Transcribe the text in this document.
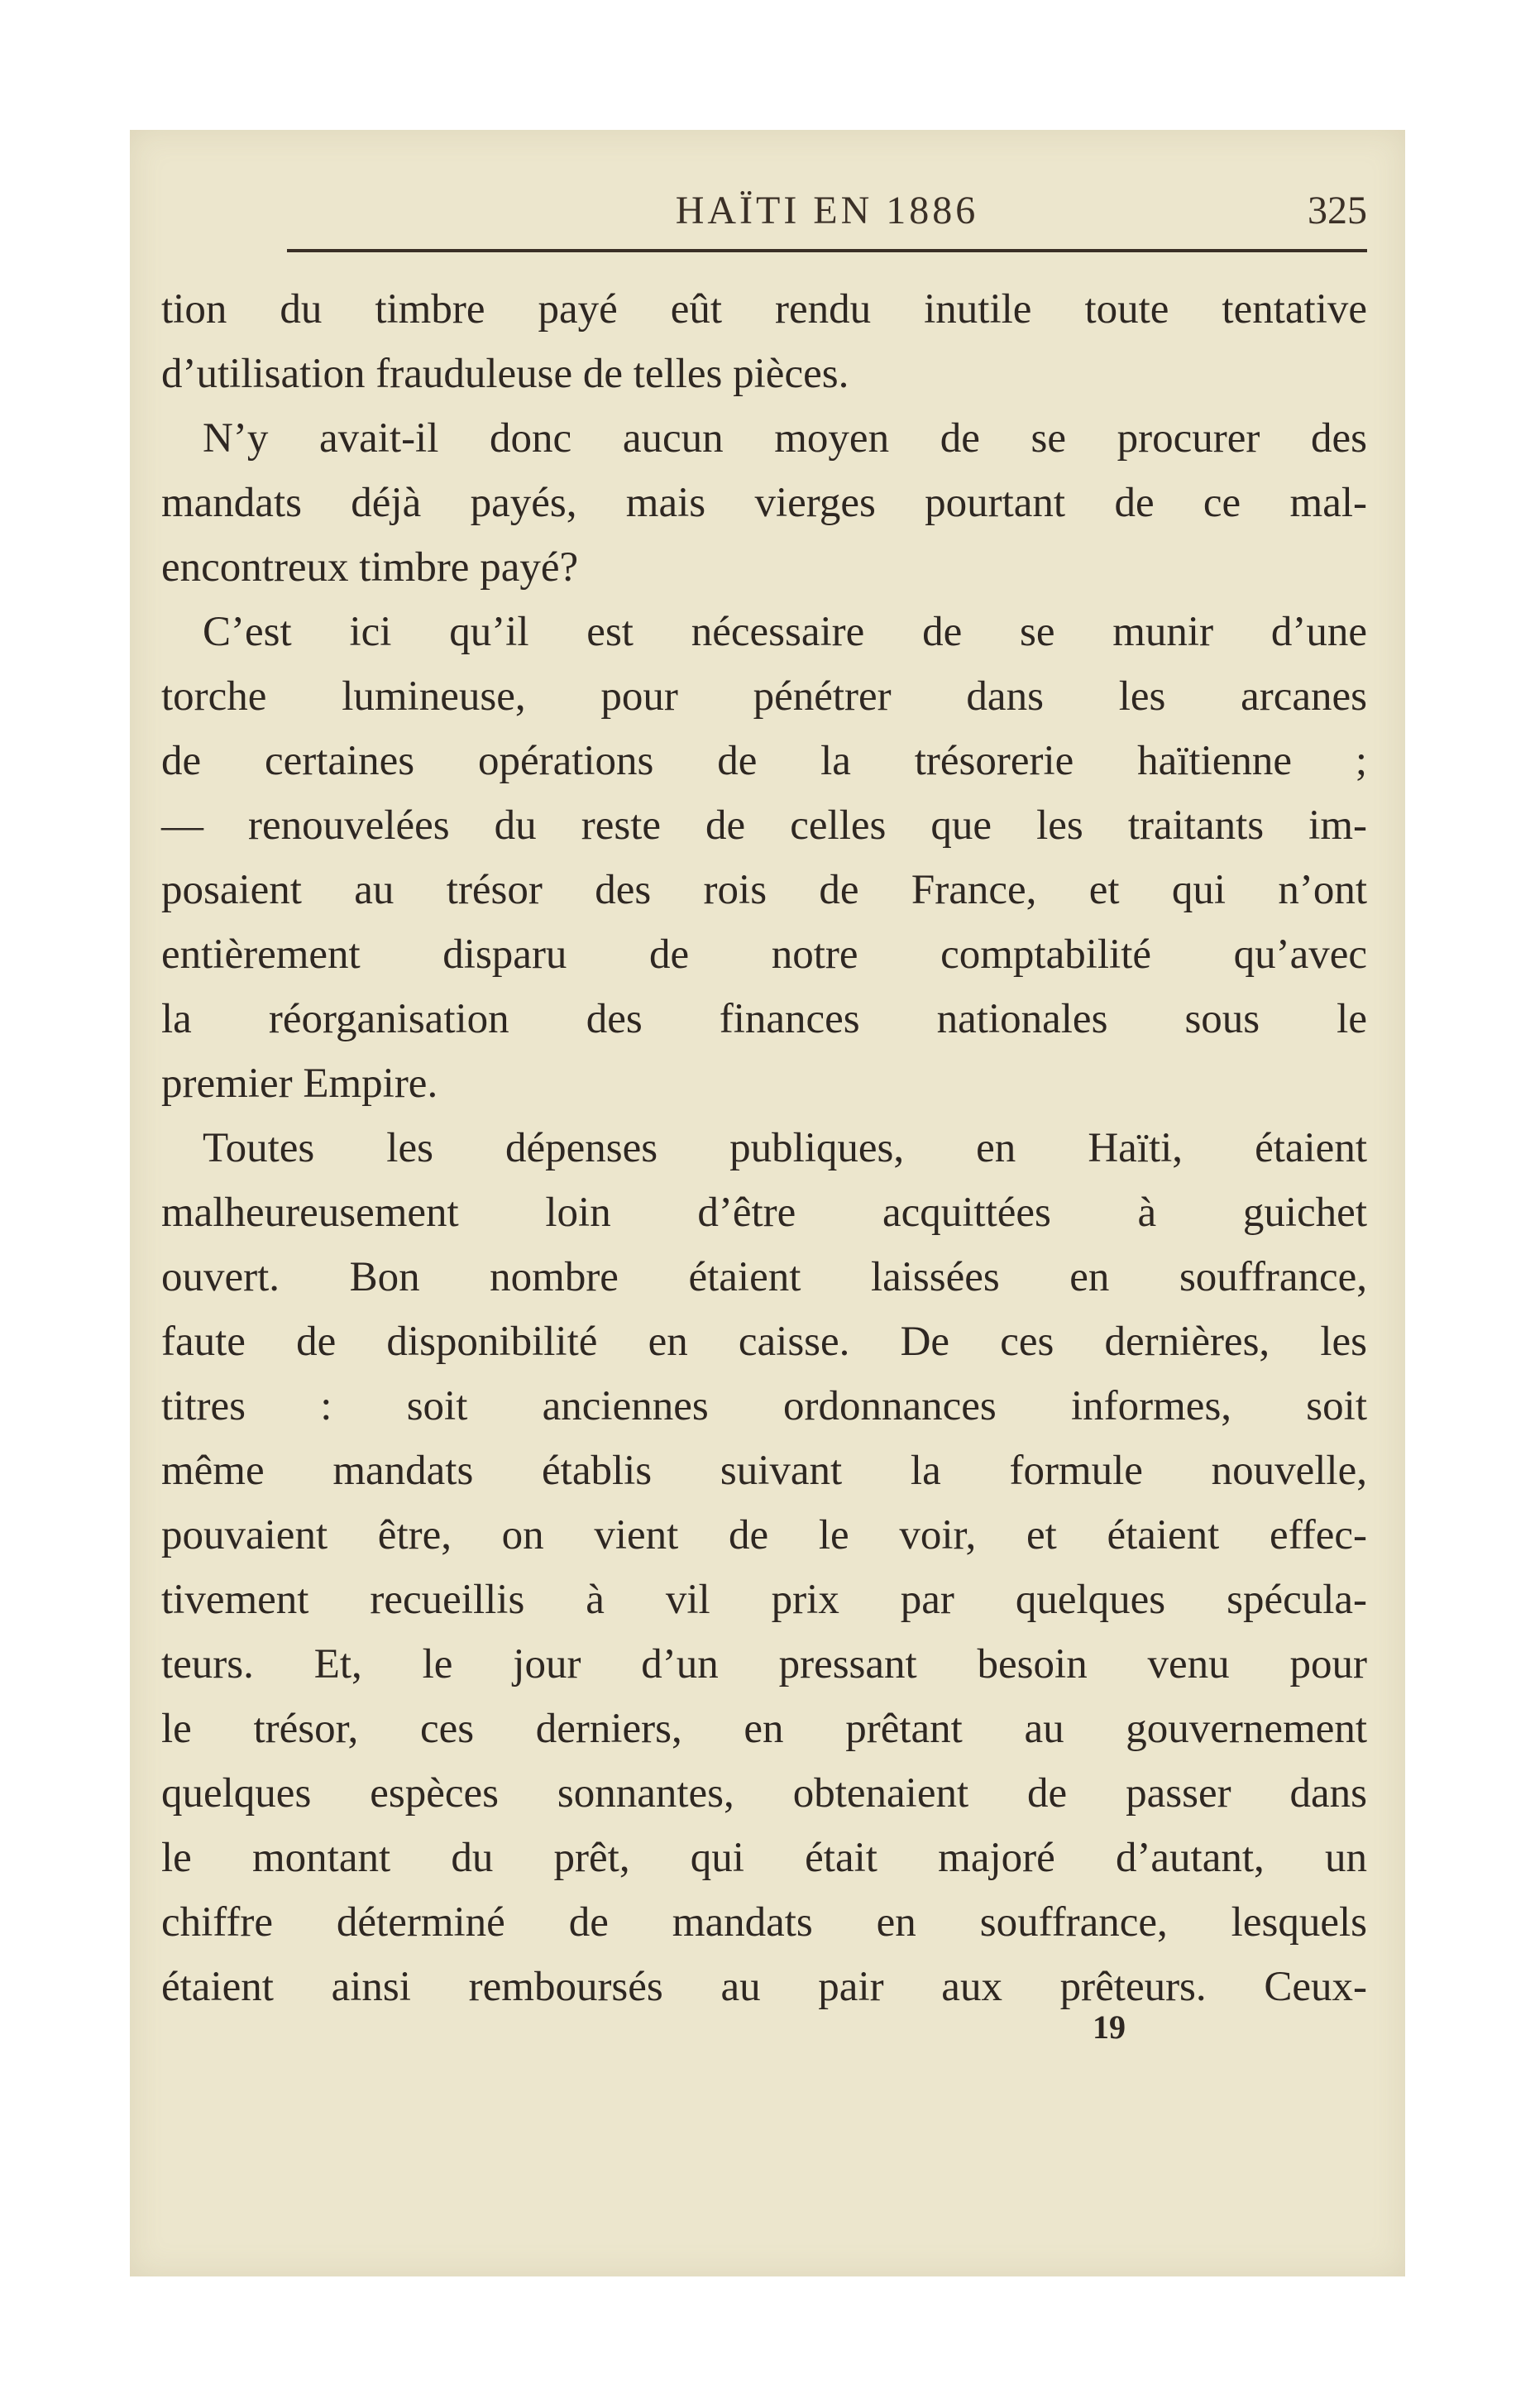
HAÏTI EN 1886	325
tion du timbre payé eût rendu inutile toute tentative
d’utilisation frauduleuse de telles pièces.
N’y avait-il donc aucun moyen de se procurer des
mandats déjà payés, mais vierges pourtant de ce mal-
encontreux timbre payé?
C’est ici qu’il est nécessaire de se munir d’une
torche lumineuse, pour pénétrer dans les arcanes
de certaines opérations de la trésorerie haïtienne ;
— renouvelées du reste de celles que les traitants im-
posaient au trésor des rois de France, et qui n’ont
entièrement disparu de notre comptabilité qu’avec
la réorganisation des finances nationales sous le
premier Empire.
Toutes les dépenses publiques, en Haïti, étaient
malheureusement loin d’être acquittées à guichet
ouvert. Bon nombre étaient laissées en souffrance,
faute de disponibilité en caisse. De ces dernières, les
titres : soit anciennes ordonnances informes, soit
même mandats établis suivant la formule nouvelle,
pouvaient être, on vient de le voir, et étaient effec-
tivement recueillis à vil prix par quelques spécula-
teurs. Et, le jour d’un pressant besoin venu pour
le trésor, ces derniers, en prêtant au gouvernement
quelques espèces sonnantes, obtenaient de passer dans
le montant du prêt, qui était majoré d’autant, un
chiffre déterminé de mandats en souffrance, lesquels
étaient ainsi remboursés au pair aux prêteurs. Ceux-
19
